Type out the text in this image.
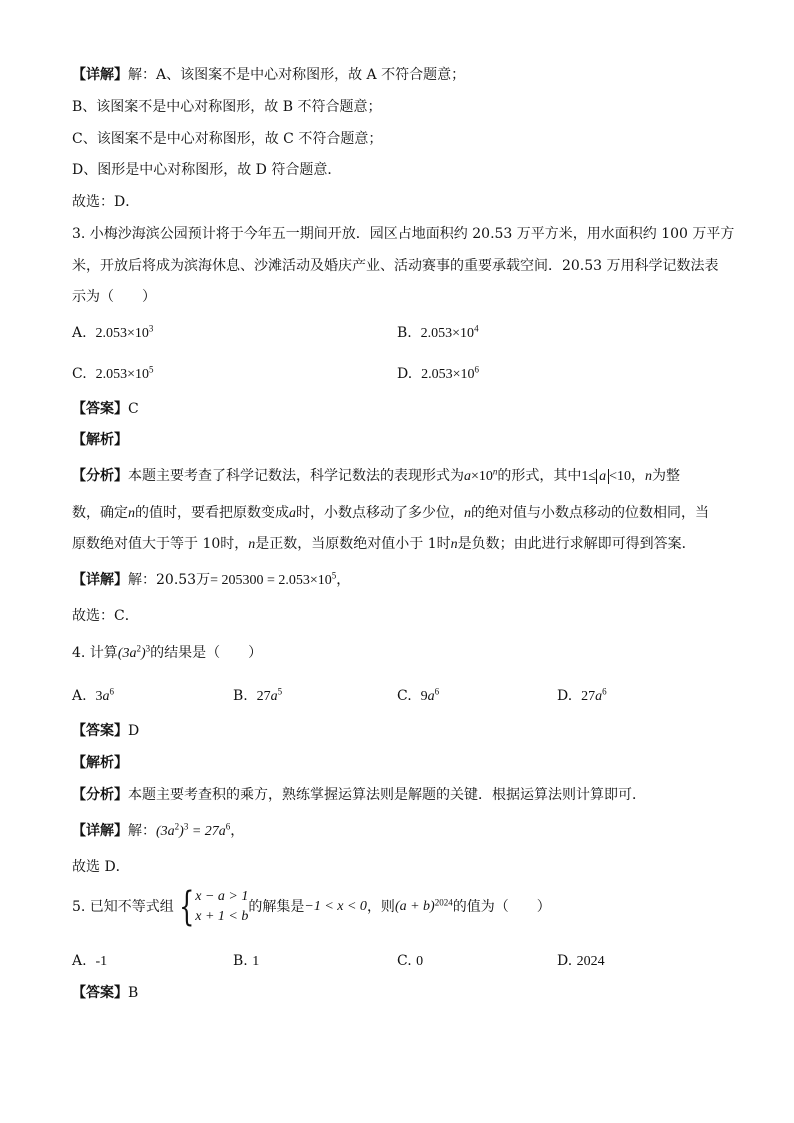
【详解】解：A、该图案不是中心对称图形，故 A 不符合题意；
B、该图案不是中心对称图形，故 B 不符合题意；
C、该图案不是中心对称图形，故 C 不符合题意；
D、图形是中心对称图形，故 D 符合题意．
故选：D．
3. 小梅沙海滨公园预计将于今年五一期间开放．园区占地面积约 20.53 万平方米，用水面积约 100 万平方
米，开放后将成为滨海休息、沙滩活动及婚庆产业、活动赛事的重要承载空间．20.53 万用科学记数法表
示为（　　）
A. $2.053\times 10^3$	B. $2.053\times 10^4$
C. $2.053\times 10^5$	D. $2.053\times 10^6$
【答案】C
【解析】
【分析】本题主要考查了科学记数法，科学记数法的表现形式为$a\times 10^n$的形式，其中1≤ a <10，n为整
数，确定n的值时，要看把原数变成a时，小数点移动了多少位，n的绝对值与小数点移动的位数相同，当
原数绝对值大于等于 10时，n是正数，当原数绝对值小于 1时n是负数；由此进行求解即可得到答案．
【详解】解：20.53万= $205300 = 2.053\times 10^5$，
故选：C．
4. 计算$(3a^2)^3$的结果是（　　）
A. $3a^6$	B. $27a^5$	C. $9a^6$	D. $27a^6$
【答案】D
【解析】
【分析】本题主要考查积的乘方，熟练掌握运算法则是解题的关键．根据运算法则计算即可．
【详解】解：$(3a^2)^3 = 27a^6$，
故选 D．
5. 已知不等式组 {x − a > 1
x + 1 < b的解集是−1 < x < 0，则$(a + b)^{2024}$的值为（　　）
A. -1	B. 1	C. 0	D. 2024
【答案】B
